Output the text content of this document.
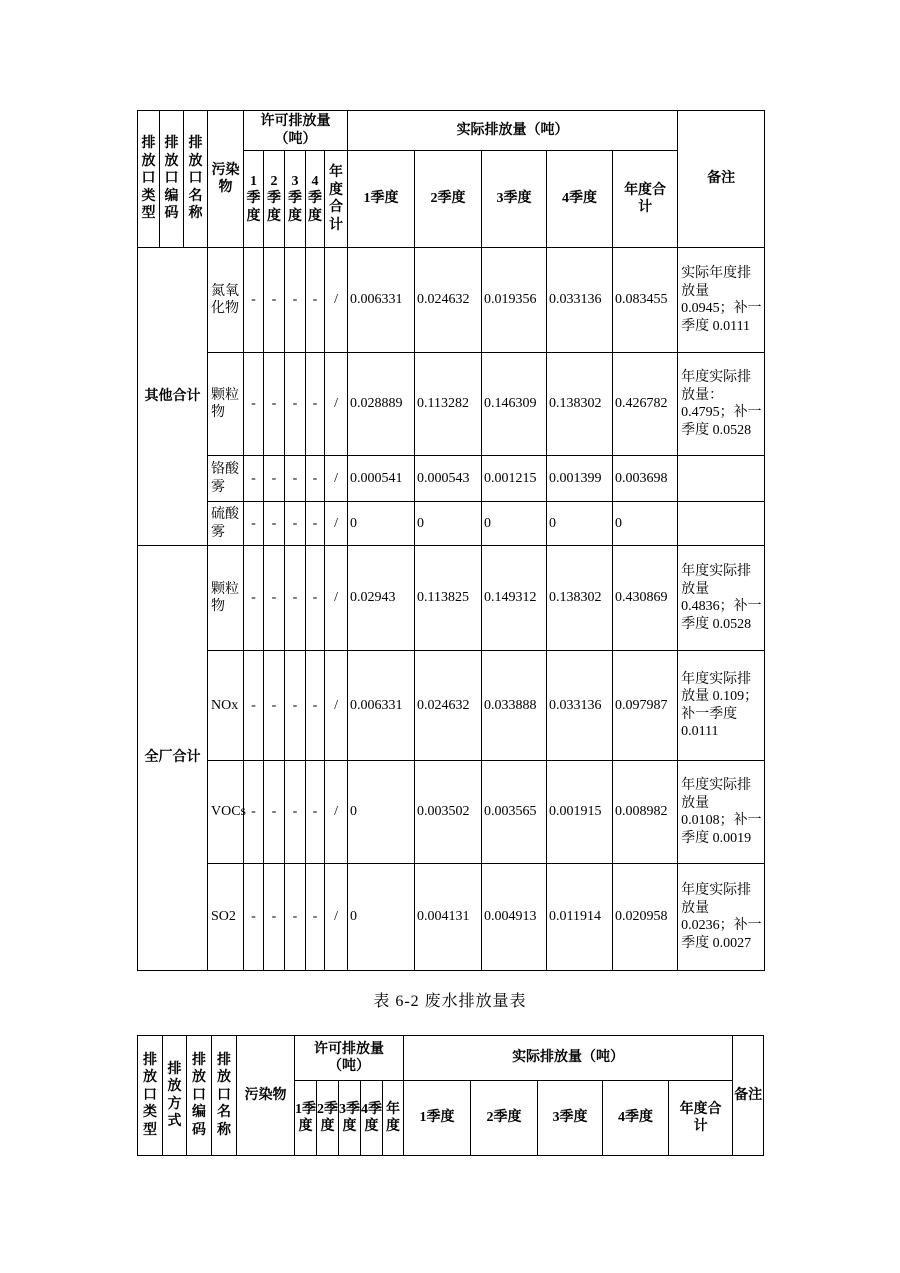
排放口类型	排放口编码	排放口名称	污染物	许可排放量（吨）					实际排放量（吨）					备注
				1季度	2季度	3季度	4季度	年度合计	1季度	2季度	3季度	4季度	年度合计	
其他合计			氮氧化物	-	-	-	-	/	0.006331	0.024632	0.019356	0.033136	0.083455	实际年度排放量 0.0945；补一季度 0.0111
			颗粒物	-	-	-	-	/	0.028889	0.113282	0.146309	0.138302	0.426782	年度实际排放量：0.4795；补一季度 0.0528
			铬酸雾	-	-	-	-	/	0.000541	0.000543	0.001215	0.001399	0.003698	
			硫酸雾	-	-	-	-	/	0	0	0	0	0	
全厂合计			颗粒物	-	-	-	-	/	0.02943	0.113825	0.149312	0.138302	0.430869	年度实际排放量 0.4836；补一季度 0.0528
			NOx	-	-	-	-	/	0.006331	0.024632	0.033888	0.033136	0.097987	年度实际排放量 0.109；补一季度 0.0111
			VOCs	-	-	-	-	/	0	0.003502	0.003565	0.001915	0.008982	年度实际排放量 0.0108；补一季度 0.0019
			SO2	-	-	-	-	/	0	0.004131	0.004913	0.011914	0.020958	年度实际排放量 0.0236；补一季度 0.0027
表 6-2 废水排放量表
排放口类型	排放方式	排放口编码	排放口名称	污染物	许可排放量（吨）					实际排放量（吨）					备注
					1季度	2季度	3季度	4季度	年度	1季度	2季度	3季度	4季度	年度合计	
